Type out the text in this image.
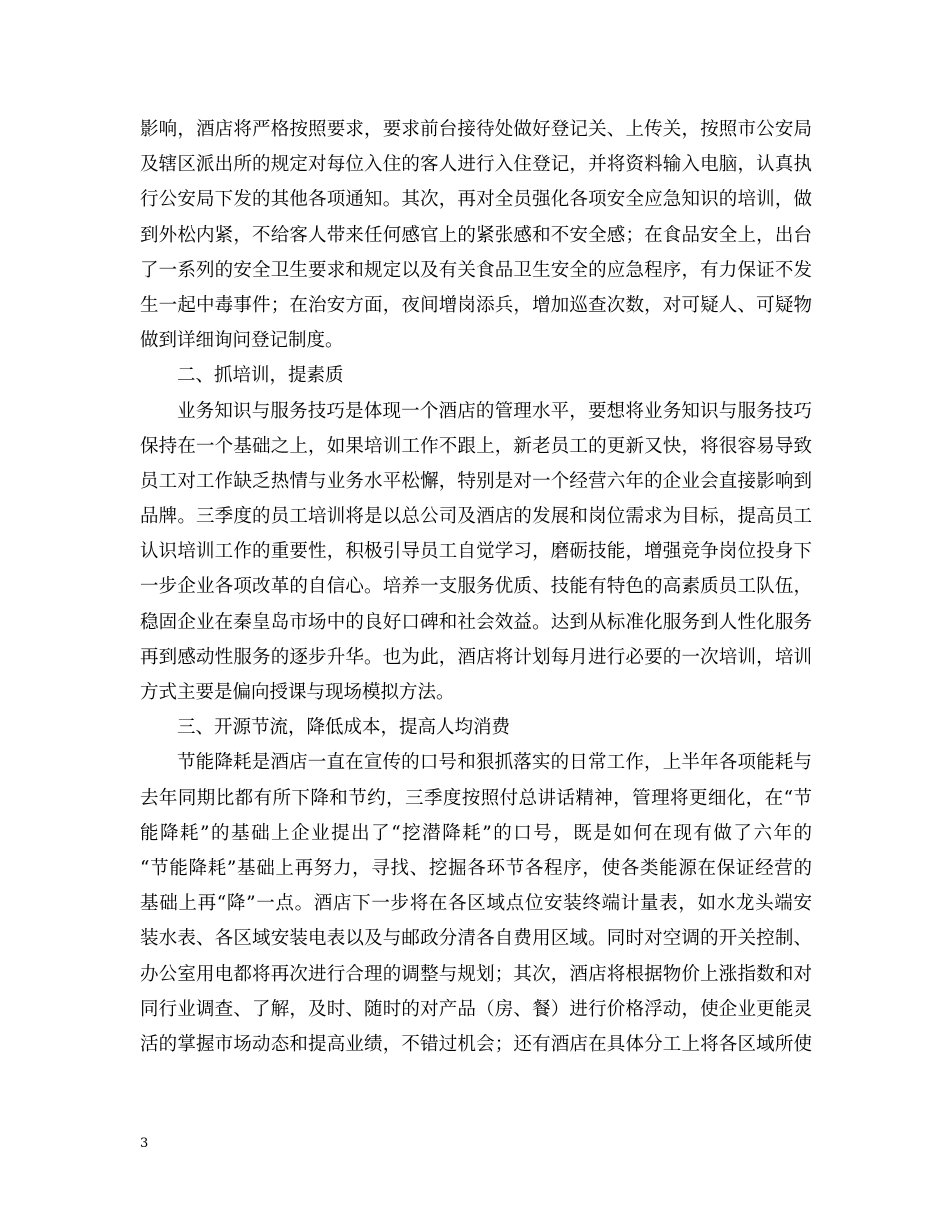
影响，酒店将严格按照要求，要求前台接待处做好登记关、上传关，按照市公安局
及辖区派出所的规定对每位入住的客人进行入住登记，并将资料输入电脑，认真执
行公安局下发的其他各项通知。其次，再对全员强化各项安全应急知识的培训，做
到外松内紧，不给客人带来任何感官上的紧张感和不安全感；在食品安全上，出台
了一系列的安全卫生要求和规定以及有关食品卫生安全的应急程序，有力保证不发
生一起中毒事件；在治安方面，夜间增岗添兵，增加巡查次数，对可疑人、可疑物
做到详细询问登记制度。
二、抓培训，提素质
业务知识与服务技巧是体现一个酒店的管理水平，要想将业务知识与服务技巧
保持在一个基础之上，如果培训工作不跟上，新老员工的更新又快，将很容易导致
员工对工作缺乏热情与业务水平松懈，特别是对一个经营六年的企业会直接影响到
品牌。三季度的员工培训将是以总公司及酒店的发展和岗位需求为目标，提高员工
认识培训工作的重要性，积极引导员工自觉学习，磨砺技能，增强竞争岗位投身下
一步企业各项改革的自信心。培养一支服务优质、技能有特色的高素质员工队伍，
稳固企业在秦皇岛市场中的良好口碑和社会效益。达到从标准化服务到人性化服务
再到感动性服务的逐步升华。也为此，酒店将计划每月进行必要的一次培训，培训
方式主要是偏向授课与现场模拟方法。
三、开源节流，降低成本，提高人均消费
节能降耗是酒店一直在宣传的口号和狠抓落实的日常工作，上半年各项能耗与
去年同期比都有所下降和节约，三季度按照付总讲话精神，管理将更细化，在“节
能降耗”的基础上企业提出了“挖潜降耗”的口号，既是如何在现有做了六年的
“节能降耗”基础上再努力，寻找、挖掘各环节各程序，使各类能源在保证经营的
基础上再“降”一点。酒店下一步将在各区域点位安装终端计量表，如水龙头端安
装水表、各区域安装电表以及与邮政分清各自费用区域。同时对空调的开关控制、
办公室用电都将再次进行合理的调整与规划；其次，酒店将根据物价上涨指数和对
同行业调查、了解，及时、随时的对产品（房、餐）进行价格浮动，使企业更能灵
活的掌握市场动态和提高业绩，不错过机会；还有酒店在具体分工上将各区域所使
3
